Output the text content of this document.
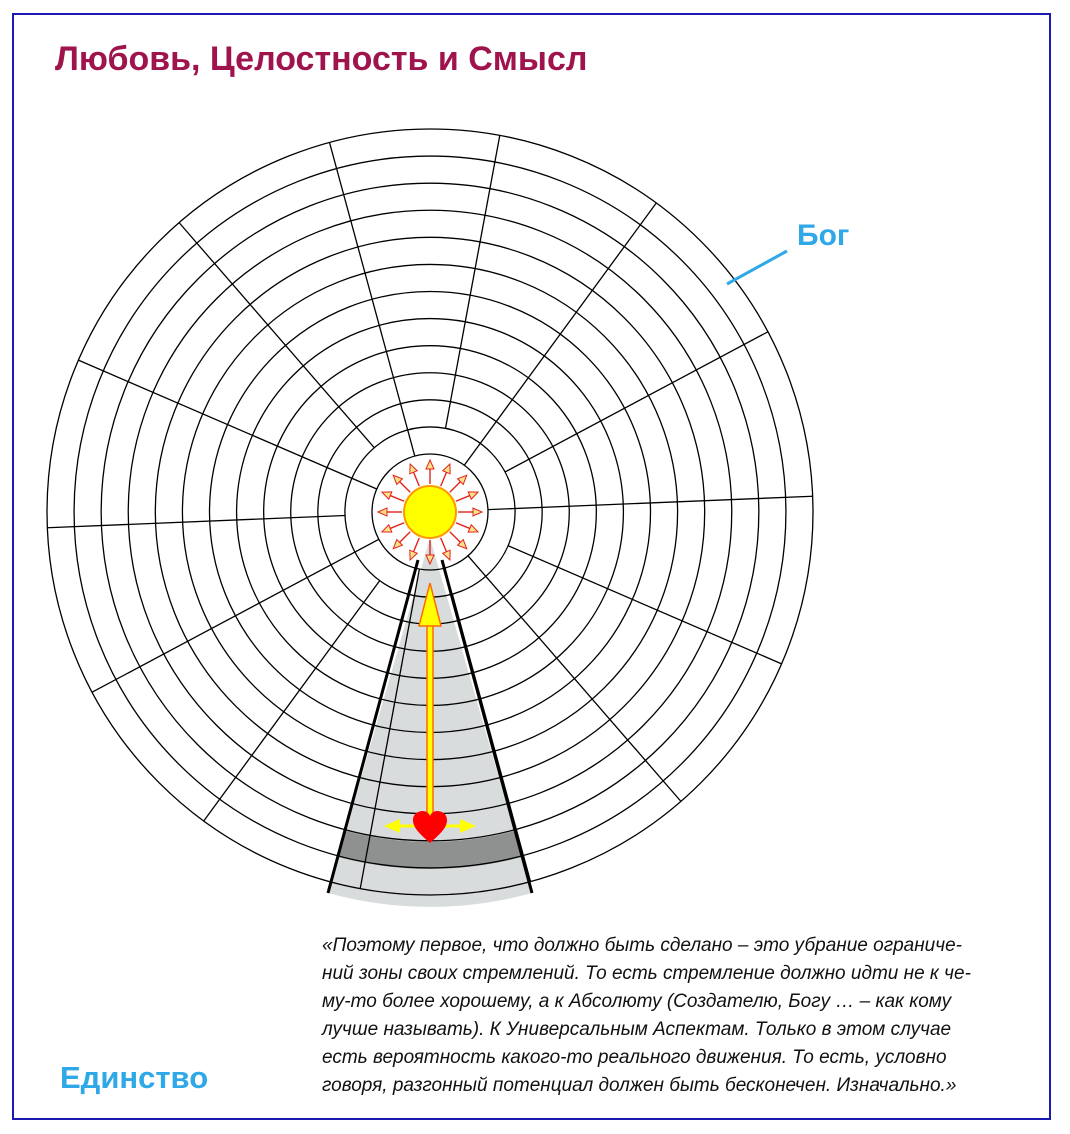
Любовь, Целостность и Смысл
Бог

«Поэтому первое, что должно быть сделано – это убрание ограниче-
ний зоны своих стремлений. То есть стремление должно идти не к че-
му-то более хорошему, а к Абсолюту (Создателю, Богу … – как кому
лучше называть). К Универсальным Аспектам. Только в этом случае
есть вероятность какого-то реального движения. То есть, условно
говоря, разгонный потенциал должен быть бесконечен. Изначально.»

Единство
